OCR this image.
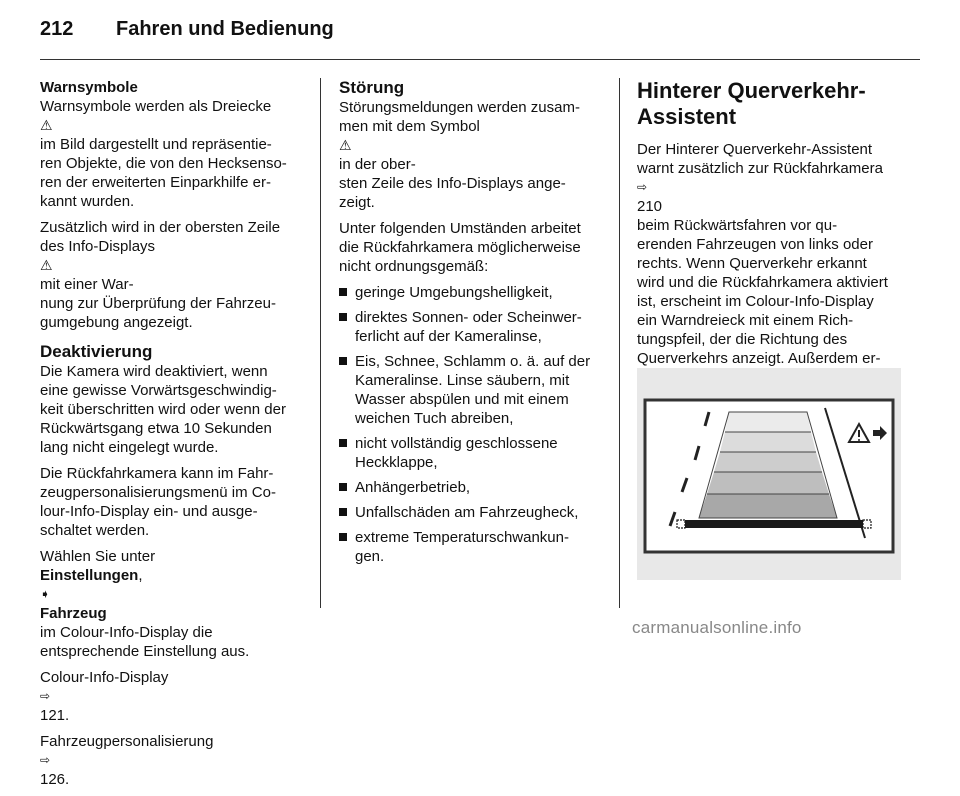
212 Fahren und Bedienung
Warnsymbole
Warnsymbole werden als Dreiecke
⚠
im Bild dargestellt und repräsentie-
ren Objekte, die von den Hecksenso-
ren der erweiterten Einparkhilfe er-
kannt wurden.
Zusätzlich wird in der obersten Zeile
des Info-Displays
⚠
mit einer War-
nung zur Überprüfung der Fahrzeu-
gumgebung angezeigt.
Deaktivierung
Die Kamera wird deaktiviert, wenn
eine gewisse Vorwärtsgeschwindig-
keit überschritten wird oder wenn der
Rückwärtsgang etwa 10 Sekunden
lang nicht eingelegt wurde.
Die Rückfahrkamera kann im Fahr-
zeugpersonalisierungsmenü im Co-
lour-Info-Display ein- und ausge-
schaltet werden.
Wählen Sie unter
Einstellungen,
➧
Fahrzeug
im Colour-Info-Display die
entsprechende Einstellung aus.
Colour-Info-Display
⇨
121.
Fahrzeugpersonalisierung
⇨
126.
Störung
Störungsmeldungen werden zusam-
men mit dem Symbol
⚠
in der ober-
sten Zeile des Info-Displays ange-
zeigt.
Unter folgenden Umständen arbeitet
die Rückfahrkamera möglicherweise
nicht ordnungsgemäß:
geringe Umgebungshelligkeit,
direktes Sonnen- oder Scheinwer-
ferlicht auf der Kameralinse,
Eis, Schnee, Schlamm o. ä. auf der
Kameralinse. Linse säubern, mit
Wasser abspülen und mit einem
weichen Tuch abreiben,
nicht vollständig geschlossene
Heckklappe,
Anhängerbetrieb,
Unfallschäden am Fahrzeugheck,
extreme Temperaturschwankun-
gen.
Hinterer Querverkehr-
Assistent
Der Hinterer Querverkehr-Assistent
warnt zusätzlich zur Rückfahrkamera
⇨
210
beim Rückwärtsfahren vor qu-
erenden Fahrzeugen von links oder
rechts. Wenn Querverkehr erkannt
wird und die Rückfahrkamera aktiviert
ist, erscheint im Colour-Info-Display
ein Warndreieck mit einem Rich-
tungspfeil, der die Richtung des
Querverkehrs anzeigt. Außerdem er-
carmanualsonline.info
